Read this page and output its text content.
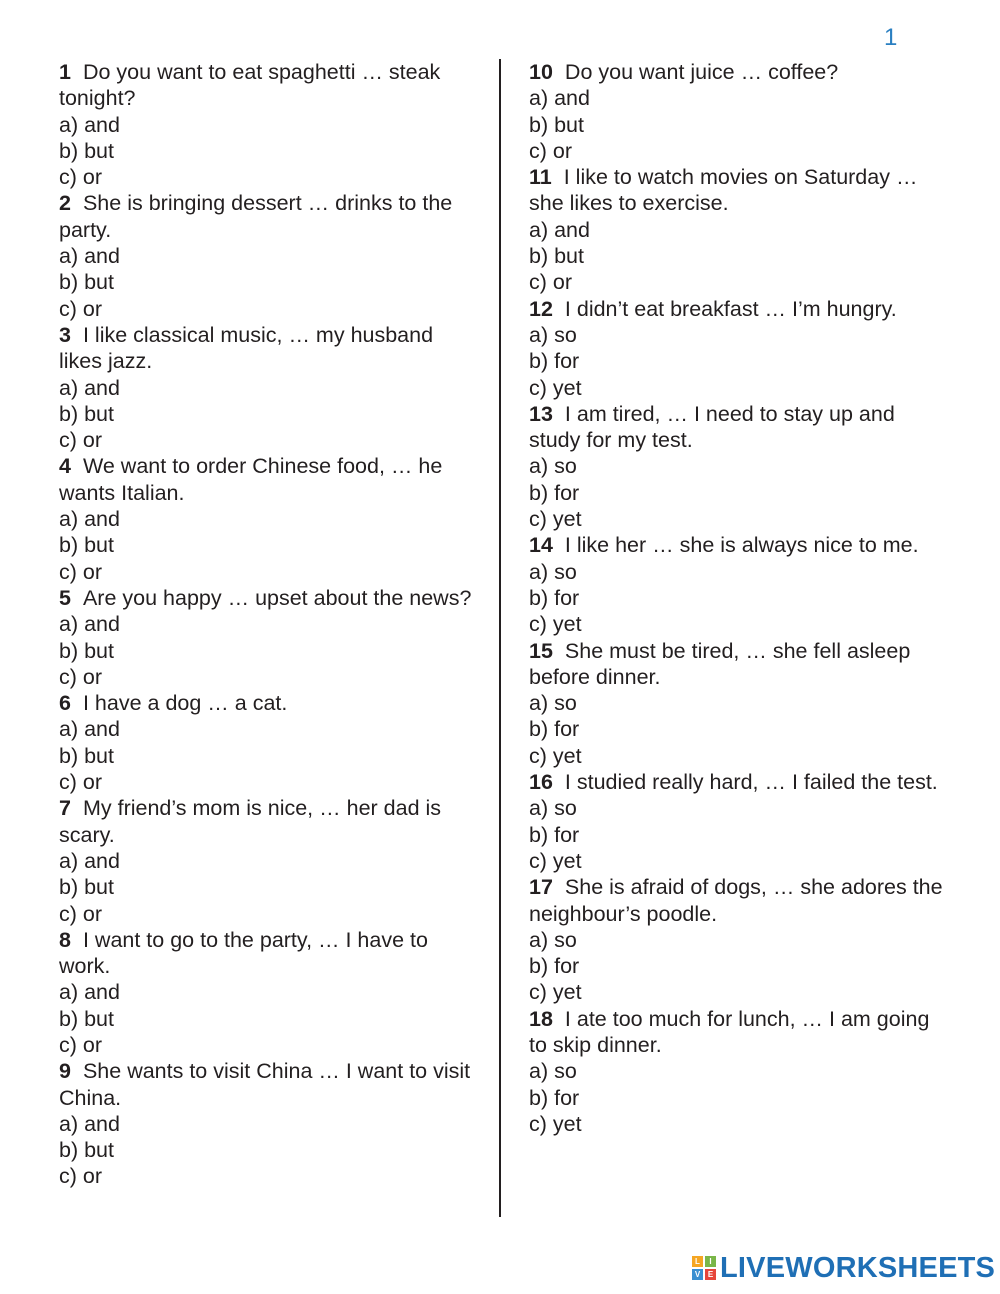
1

1 Do you want to eat spaghetti … steak tonight?

a) and
b) but
c) or

2 She is bringing dessert … drinks to the party.

a) and
b) but
c) or

3 I like classical music, … my husband likes jazz.

a) and
b) but
c) or

4 We want to order Chinese food, … he wants Italian.

a) and
b) but
c) or

5 Are you happy … upset about the news?

a) and
b) but
c) or

6 I have a dog … a cat.

a) and
b) but
c) or

7 My friend’s mom is nice, … her dad is scary.

a) and
b) but
c) or

8 I want to go to the party, … I have to work.

a) and
b) but
c) or

9 She wants to visit China … I want to visit China.

a) and
b) but
c) or

10 Do you want juice … coffee?

a) and
b) but
c) or

11 I like to watch movies on Saturday … she likes to exercise.

a) and
b) but
c) or

12 I didn’t eat breakfast … I’m hungry.

a) so
b) for
c) yet

13 I am tired, … I need to stay up and study for my test.

a) so
b) for
c) yet

14 I like her … she is always nice to me.

a) so
b) for
c) yet

15 She must be tired, … she fell asleep before dinner.

a) so
b) for
c) yet

16 I studied really hard, … I failed the test.

a) so
b) for
c) yet

17 She is afraid of dogs, … she adores the neighbour’s poodle.

a) so
b) for
c) yet

18 I ate too much for lunch, … I am going to skip dinner.

a) so
b) for
c) yet
L	I
V E LIVEWORKSHEETS
